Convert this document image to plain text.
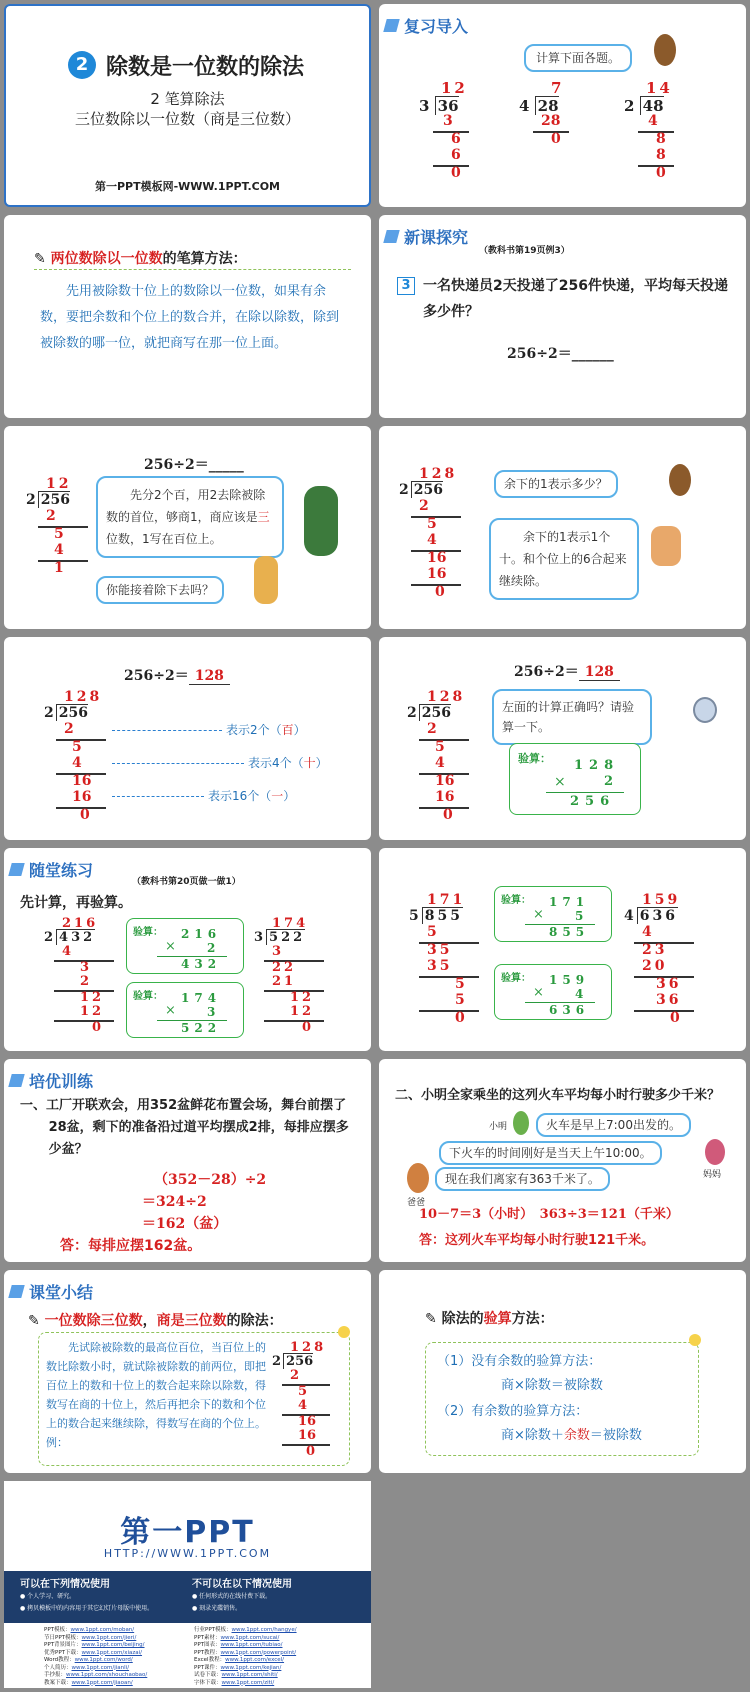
2 除数是一位数的除法
2 笔算除法
三位数除以一位数（商是三位数）
第一PPT模板网-WWW.1PPT.COM
复习导入
计算下面各题。
12
3 36
3
6
6
0
7
4 28
28
0
14
2 48
4
8
8
0
✎ 两位数除以一位数的笔算方法：
先用被除数十位上的数除以一位数，如果有余数，要把余数和个位上的数合并，在除以除数，除到被除数的哪一位，就把商写在那一位上面。
新课探究
（教科书第19页例3）
3 一名快递员2天投递了256件快递，平均每天投递多少件？
256÷2＝______
256÷2＝_____
12
2 256
2
5
4
1
先分2个百，用2去除被除数的首位，够商1，商应该是三位数，1写在百位上。
你能接着除下去吗？
128
2 256
2
5
4
16
16
0
余下的1表示多少？
余下的1表示1个十。和个位上的6合起来继续除。
256÷2＝ 128
128
2 256
2
5
4
16
16
0
表示2个（百）
表示4个（十）
表示16个（一）
256÷2＝ 128
128
2 256
2
5
4
16
16
0
左面的计算正确吗？请验算一下。
验算： 128
×	2
256
随堂练习
（教科书第20页做一做1）
先计算，再验算。
216
2 432
4
3
2
12
12
0
验算： 216
×	2
432
验算： 174
×	3
522
174
3 522
3
22
21
12
12
0
171
5 855
5
35
35
5
5
0
验算： 171
×	5
855
验算： 159
×	4
636
159
4 636
4
23
20
36
36
0
培优训练
一、工厂开联欢会，用352盆鲜花布置会场，舞台前摆了28盆，剩下的准备沿过道平均摆成2排，每排应摆多少盆？
（352－28）÷2
＝324÷2
＝162（盆）
答：每排应摆162盆。
二、小明全家乘坐的这列火车平均每小时行驶多少千米？
小明	火车是早上7:00出发的。
下火车的时间刚好是当天上午10:00。
妈妈
爸爸
现在我们离家有363千米了。
10－7＝3（小时）　363÷3＝121（千米）
答：这列火车平均每小时行驶121千米。
课堂小结
✎ 一位数除三位数，商是三位数的除法：
先试除被除数的最高位百位，当百位上的数比除数小时，就试除被除数的前两位，即把百位上的数和十位上的数合起来除以除数，得数写在商的十位上，然后再把余下的数和个位上的数合起来继续除，得数写在商的个位上。例：
128
2 256
2
5
4
16
16
0
✎ 除法的验算方法：
（1）没有余数的验算方法：
商×除数＝被除数
（2）有余数的验算方法：
商×除数＋余数＝被除数
第一PPT
HTTP://WWW.1PPT.COM
可以在下列情况使用
● 个人学习、研究。
● 拷贝模板中的内容用于其它幻灯片母版中使用。
不可以在以下情况使用
● 任何形式的在线付费下载。
● 刻录光碟销售。
PPT模板：www.1ppt.com/moban/
节日PPT模板：www.1ppt.com/jieri/
PPT背景图片：www.1ppt.com/beijing/
优秀PPT下载：www.1ppt.com/xiazai/
Word教程：www.1ppt.com/word/
个人简历：www.1ppt.com/jianli/
手抄报：www.1ppt.com/shouchaobao/
教案下载：www.1ppt.com/jiaoan/
行业PPT模板：www.1ppt.com/hangye/
PPT素材：www.1ppt.com/sucai/
PPT图表：www.1ppt.com/tubiao/
PPT教程：www.1ppt.com/powerpoint/
Excel教程：www.1ppt.com/excel/
PPT课件：www.1ppt.com/kejian/
试卷下载：www.1ppt.com/shiti/
字体下载：www.1ppt.com/ziti/
